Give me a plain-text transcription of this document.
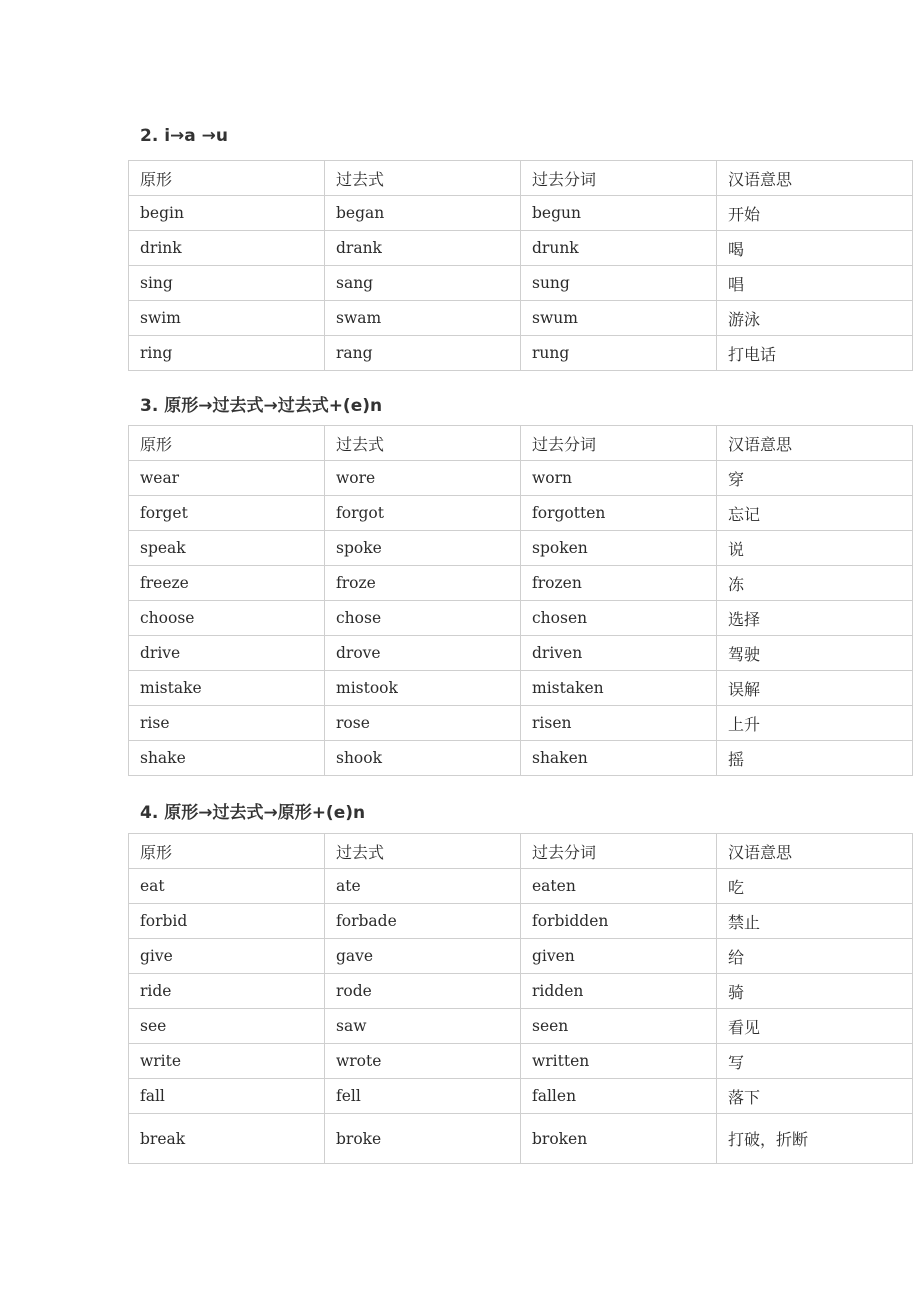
2. i→a →u
原形	过去式	过去分词	汉语意思
begin	began	begun	开始
drink	drank	drunk	喝
sing	sang	sung	唱
swim	swam	swum	游泳
ring	rang	rung	打电话
3. 原形→过去式→过去式+(e)n
原形	过去式	过去分词	汉语意思
wear	wore	worn	穿
forget	forgot	forgotten	忘记
speak	spoke	spoken	说
freeze	froze	frozen	冻
choose	chose	chosen	选择
drive	drove	driven	驾驶
mistake	mistook	mistaken	误解
rise	rose	risen	上升
shake	shook	shaken	摇
4. 原形→过去式→原形+(e)n
原形	过去式	过去分词	汉语意思
eat	ate	eaten	吃
forbid	forbade	forbidden	禁止
give	gave	given	给
ride	rode	ridden	骑
see	saw	seen	看见
write	wrote	written	写
fall	fell	fallen	落下
break	broke	broken	打破，折断
